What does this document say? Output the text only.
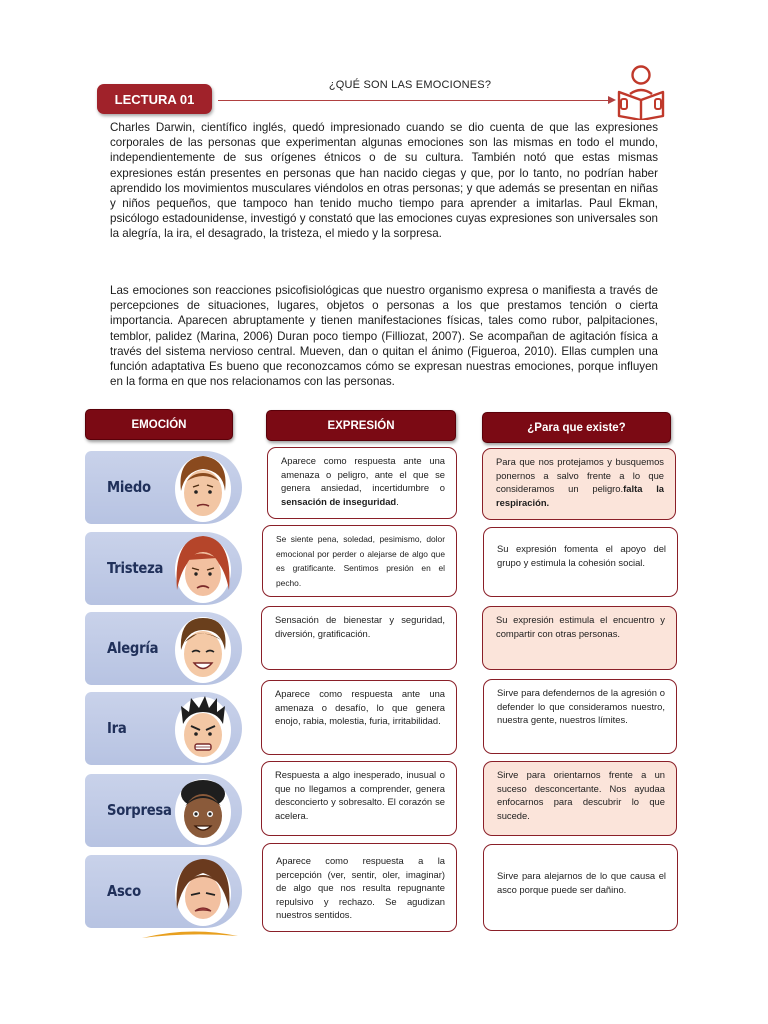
LECTURA 01
¿QUÉ SON LAS EMOCIONES?
Charles Darwin, científico inglés, quedó impresionado cuando se dio cuenta de que las expresiones corporales de las personas que experimentan algunas emociones son las mismas en todo el mundo, independientemente de sus orígenes étnicos o de su cultura. También notó que estas mismas expresiones están presentes en personas que han nacido ciegas y que, por lo tanto, no podrían haber aprendido los movimientos musculares viéndolos en otras personas; y que además se presentan en niñas y niños pequeños, que tampoco han tenido mucho tiempo para aprender a imitarlas. Paul Ekman, psicólogo estadounidense, investigó y constató que las emociones cuyas expresiones son universales son la alegría, la ira, el desagrado, la tristeza, el miedo y la sorpresa.
Las emociones son reacciones psicofisiológicas que nuestro organismo expresa o manifiesta a través de percepciones de situaciones, lugares, objetos o personas a los que prestamos tención o cierta importancia. Aparecen abruptamente y tienen manifestaciones físicas, tales como rubor, palpitaciones, temblor, palidez (Marina, 2006) Duran poco tiempo (Filliozat, 2007). Se acompañan de agitación física a través del sistema nervioso central. Mueven, dan o quitan el ánimo (Figueroa, 2010). Ellas cumplen una función adaptativa Es bueno que reconozcamos cómo se expresan nuestras emociones, porque influyen en la forma en que nos relacionamos con las personas.
EMOCIÓN	EXPRESIÓN	¿Para que existe?
Miedo
Aparece como respuesta ante una amenaza o peligro, ante el que se genera ansiedad, incertidumbre o sensación de inseguridad.
Para que nos protejamos y busquemos ponernos a salvo frente a lo que consideramos un peligro.falta la respiración.
Tristeza
Se siente pena, soledad, pesimismo, dolor emocional por perder o alejarse de algo que es gratificante. Sentimos presión en el pecho.
Su expresión fomenta el apoyo del grupo y estimula la cohesión social.
Alegría
Sensación de bienestar y seguridad, diversión, gratificación.
Su expresión estimula el encuentro y compartir con otras personas.
Ira
Aparece como respuesta ante una amenaza o desafío, lo que genera enojo, rabia, molestia, furia, irritabilidad.
Sirve para defendernos de la agresión o defender lo que consideramos nuestro, nuestra gente, nuestros límites.
Sorpresa
Respuesta a algo inesperado, inusual o que no llegamos a comprender, genera desconcierto y sobresalto. El corazón se acelera.
Sirve para orientarnos frente a un suceso desconcertante. Nos ayudaa enfocarnos para descubrir lo que sucede.
Asco
Aparece como respuesta a la percepción (ver, sentir, oler, imaginar) de algo que nos resulta repugnante repulsivo y rechazo. Se agudizan nuestros sentidos.
Sirve para alejarnos de lo que causa el asco porque puede ser dañino.
